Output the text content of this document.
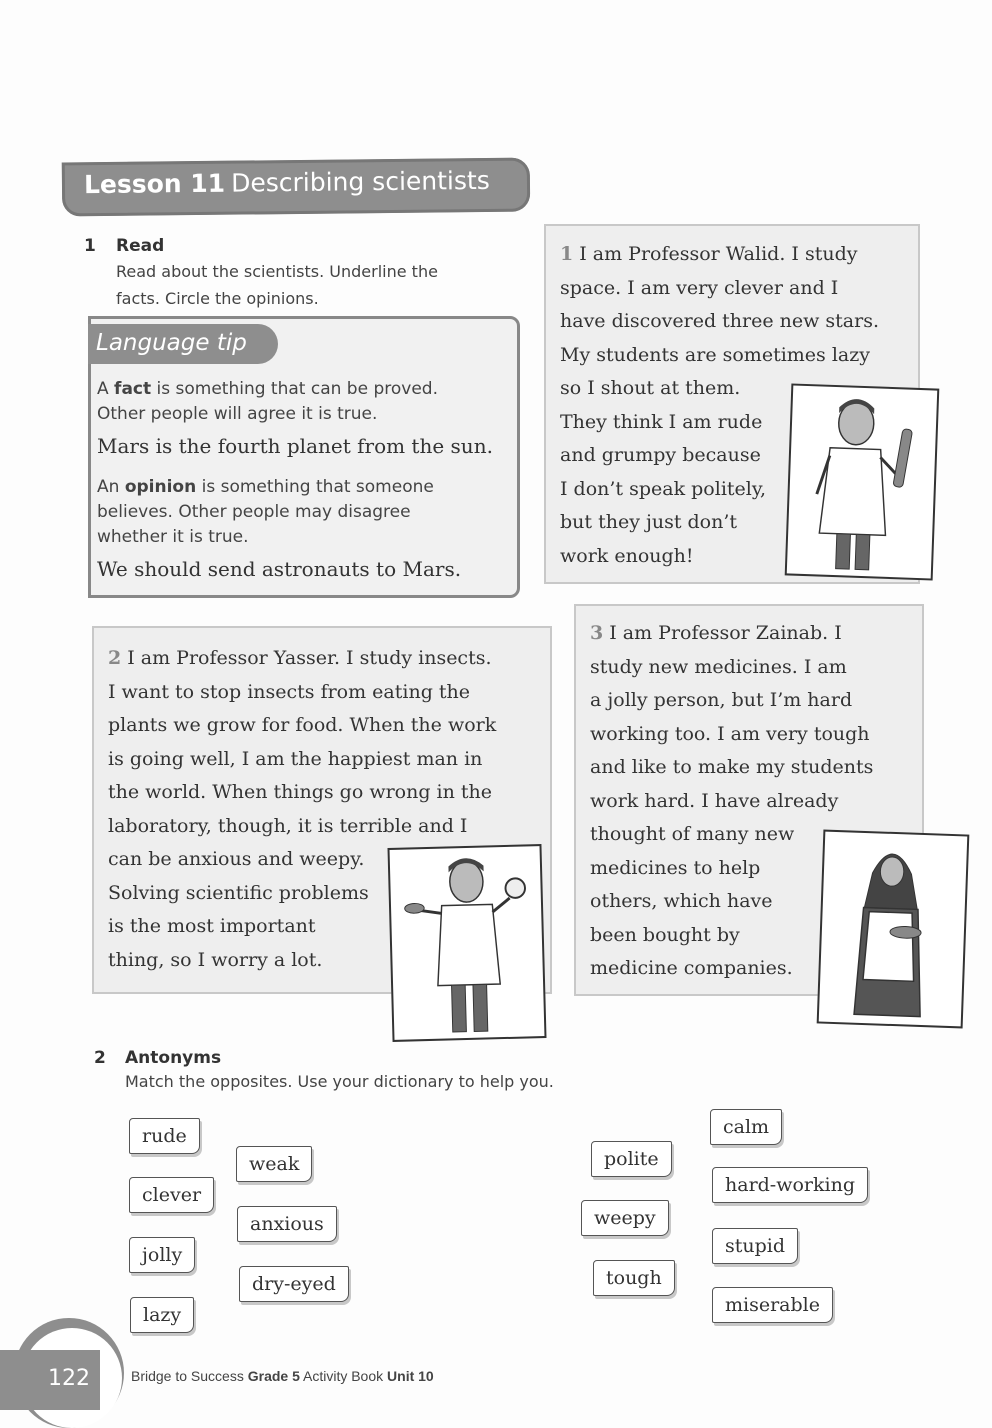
Lesson 11 Describing scientists
1 Read
Read about the scientists. Underline the
facts. Circle the opinions.
Language tip
A fact is something that can be proved.
Other people will agree it is true.
Mars is the fourth planet from the sun.
An opinion is something that someone
believes. Other people may disagree
whether it is true.
We should send astronauts to Mars.
1 I am Professor Walid. I study
space. I am very clever and I
have discovered three new stars.
My students are sometimes lazy
so I shout at them.
They think I am rude
and grumpy because
I don’t speak politely,
but they just don’t
work enough!
2 I am Professor Yasser. I study insects.
I want to stop insects from eating the
plants we grow for food. When the work
is going well, I am the happiest man in
the world. When things go wrong in the
laboratory, though, it is terrible and I
can be anxious and weepy.
Solving scientific problems
is the most important
thing, so I worry a lot.
3 I am Professor Zainab. I
study new medicines. I am
a jolly person, but I’m hard
working too. I am very tough
and like to make my students
work hard. I have already
thought of many new
medicines to help
others, which have
been bought by
medicine companies.
2 Antonyms
Match the opposites. Use your dictionary to help you.
rude
clever
jolly
lazy
weak
anxious
dry-eyed
polite
weepy
tough
calm
hard-working
stupid
miserable
122	Bridge to Success Grade 5 Activity Book Unit 10
